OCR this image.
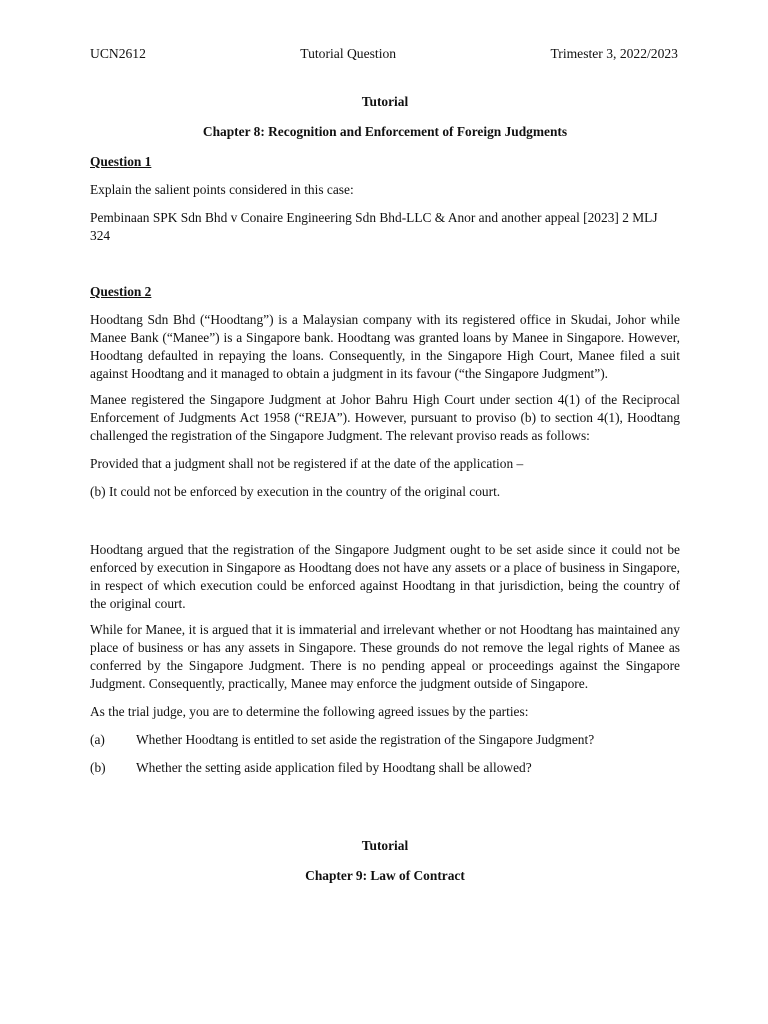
UCN2612	Tutorial Question	Trimester 3, 2022/2023

Tutorial

Chapter 8: Recognition and Enforcement of Foreign Judgments

Question 1

Explain the salient points considered in this case:

Pembinaan SPK Sdn Bhd v Conaire Engineering Sdn Bhd-LLC & Anor and another appeal [2023] 2 MLJ 324

Question 2

Hoodtang Sdn Bhd (“Hoodtang”) is a Malaysian company with its registered office in Skudai, Johor while Manee Bank (“Manee”) is a Singapore bank. Hoodtang was granted loans by Manee in Singapore. However, Hoodtang defaulted in repaying the loans. Consequently, in the Singapore High Court, Manee filed a suit against Hoodtang and it managed to obtain a judgment in its favour (“the Singapore Judgment”).

Manee registered the Singapore Judgment at Johor Bahru High Court under section 4(1) of the Reciprocal Enforcement of Judgments Act 1958 (“REJA”). However, pursuant to proviso (b) to section 4(1), Hoodtang challenged the registration of the Singapore Judgment. The relevant proviso reads as follows:

Provided that a judgment shall not be registered if at the date of the application –

(b) It could not be enforced by execution in the country of the original court.

Hoodtang argued that the registration of the Singapore Judgment ought to be set aside since it could not be enforced by execution in Singapore as Hoodtang does not have any assets or a place of business in Singapore, in respect of which execution could be enforced against Hoodtang in that jurisdiction, being the country of the original court.

While for Manee, it is argued that it is immaterial and irrelevant whether or not Hoodtang has maintained any place of business or has any assets in Singapore. These grounds do not remove the legal rights of Manee as conferred by the Singapore Judgment. There is no pending appeal or proceedings against the Singapore Judgment. Consequently, practically, Manee may enforce the judgment outside of Singapore.

As the trial judge, you are to determine the following agreed issues by the parties:

(a)	Whether Hoodtang is entitled to set aside the registration of the Singapore Judgment?
(b)	Whether the setting aside application filed by Hoodtang shall be allowed?

Tutorial

Chapter 9: Law of Contract
